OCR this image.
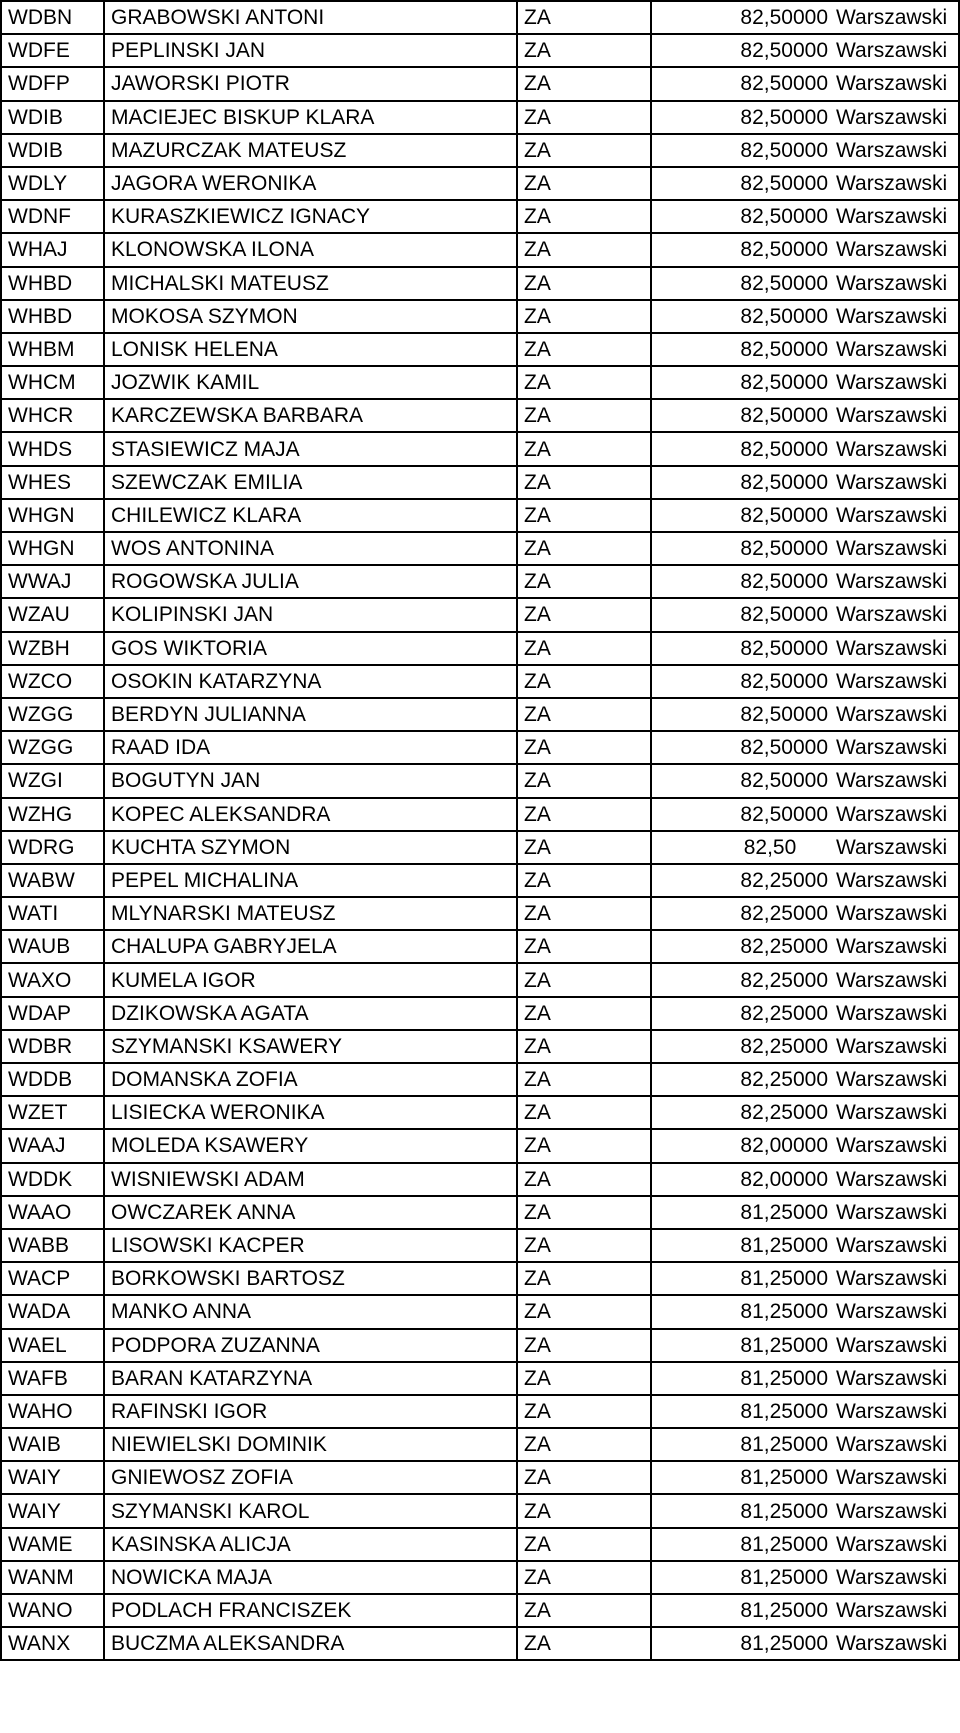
WDBN	GRABOWSKI ANTONI	ZA	82,50000 Warszawski

WDFE	PEPLINSKI JAN	ZA	82,50000 Warszawski

WDFP	JAWORSKI PIOTR	ZA	82,50000 Warszawski

WDIB	MACIEJEC BISKUP KLARA	ZA	82,50000 Warszawski

WDIB	MAZURCZAK MATEUSZ	ZA	82,50000 Warszawski

WDLY	JAGORA WERONIKA	ZA	82,50000 Warszawski

WDNF	KURASZKIEWICZ IGNACY	ZA	82,50000 Warszawski

WHAJ	KLONOWSKA ILONA	ZA	82,50000 Warszawski

WHBD	MICHALSKI MATEUSZ	ZA	82,50000 Warszawski

WHBD	MOKOSA SZYMON	ZA	82,50000 Warszawski

WHBM	LONISK HELENA	ZA	82,50000 Warszawski

WHCM	JOZWIK KAMIL	ZA	82,50000 Warszawski

WHCR	KARCZEWSKA BARBARA	ZA	82,50000 Warszawski

WHDS	STASIEWICZ MAJA	ZA	82,50000 Warszawski

WHES	SZEWCZAK EMILIA	ZA	82,50000 Warszawski

WHGN	CHILEWICZ KLARA	ZA	82,50000 Warszawski

WHGN	WOS ANTONINA	ZA	82,50000 Warszawski

WWAJ	ROGOWSKA JULIA	ZA	82,50000 Warszawski

WZAU	KOLIPINSKI JAN	ZA	82,50000 Warszawski

WZBH	GOS WIKTORIA	ZA	82,50000 Warszawski

WZCO	OSOKIN KATARZYNA	ZA	82,50000 Warszawski

WZGG	BERDYN JULIANNA	ZA	82,50000 Warszawski

WZGG	RAAD IDA	ZA	82,50000 Warszawski

WZGI	BOGUTYN JAN	ZA	82,50000 Warszawski

WZHG	KOPEC ALEKSANDRA	ZA	82,50000 Warszawski

WDRG	KUCHTA SZYMON	ZA	82,50 Warszawski

WABW	PEPEL MICHALINA	ZA	82,25000 Warszawski

WATI	MLYNARSKI MATEUSZ	ZA	82,25000 Warszawski

WAUB	CHALUPA GABRYJELA	ZA	82,25000 Warszawski

WAXO	KUMELA IGOR	ZA	82,25000 Warszawski

WDAP	DZIKOWSKA AGATA	ZA	82,25000 Warszawski

WDBR	SZYMANSKI KSAWERY	ZA	82,25000 Warszawski

WDDB	DOMANSKA ZOFIA	ZA	82,25000 Warszawski

WZET	LISIECKA WERONIKA	ZA	82,25000 Warszawski

WAAJ	MOLEDA KSAWERY	ZA	82,00000 Warszawski

WDDK	WISNIEWSKI ADAM	ZA	82,00000 Warszawski

WAAO	OWCZAREK ANNA	ZA	81,25000 Warszawski

WABB	LISOWSKI KACPER	ZA	81,25000 Warszawski

WACP	BORKOWSKI BARTOSZ	ZA	81,25000 Warszawski

WADA	MANKO ANNA	ZA	81,25000 Warszawski

WAEL	PODPORA ZUZANNA	ZA	81,25000 Warszawski

WAFB	BARAN KATARZYNA	ZA	81,25000 Warszawski

WAHO	RAFINSKI IGOR	ZA	81,25000 Warszawski

WAIB	NIEWIELSKI DOMINIK	ZA	81,25000 Warszawski

WAIY	GNIEWOSZ ZOFIA	ZA	81,25000 Warszawski

WAIY	SZYMANSKI KAROL	ZA	81,25000 Warszawski

WAME	KASINSKA ALICJA	ZA	81,25000 Warszawski

WANM	NOWICKA MAJA	ZA	81,25000 Warszawski

WANO	PODLACH FRANCISZEK	ZA	81,25000 Warszawski

WANX	BUCZMA ALEKSANDRA	ZA	81,25000 Warszawski
